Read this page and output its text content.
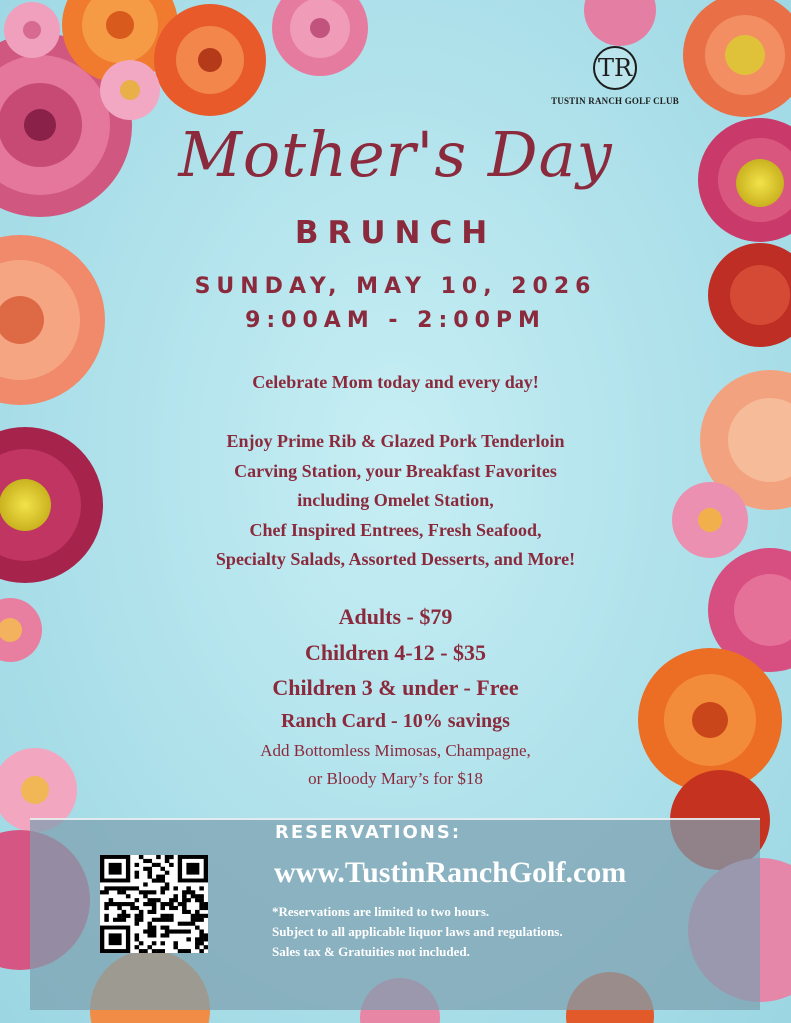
TR
TUSTIN RANCH GOLF CLUB
Mother's Day
BRUNCH
SUNDAY, MAY 10, 2026
9:00AM - 2:00PM
Celebrate Mom today and every day!
Enjoy Prime Rib & Glazed Pork Tenderloin
Carving Station, your Breakfast Favorites
including Omelet Station,
Chef Inspired Entrees, Fresh Seafood,
Specialty Salads, Assorted Desserts, and More!
Adults - $79
Children 4-12 - $35
Children 3 & under - Free
Ranch Card - 10% savings
Add Bottomless Mimosas, Champagne,
or Bloody Mary’s for $18
RESERVATIONS:
www.TustinRanchGolf.com
*Reservations are limited to two hours.
Subject to all applicable liquor laws and regulations.
Sales tax & Gratuities not included.
